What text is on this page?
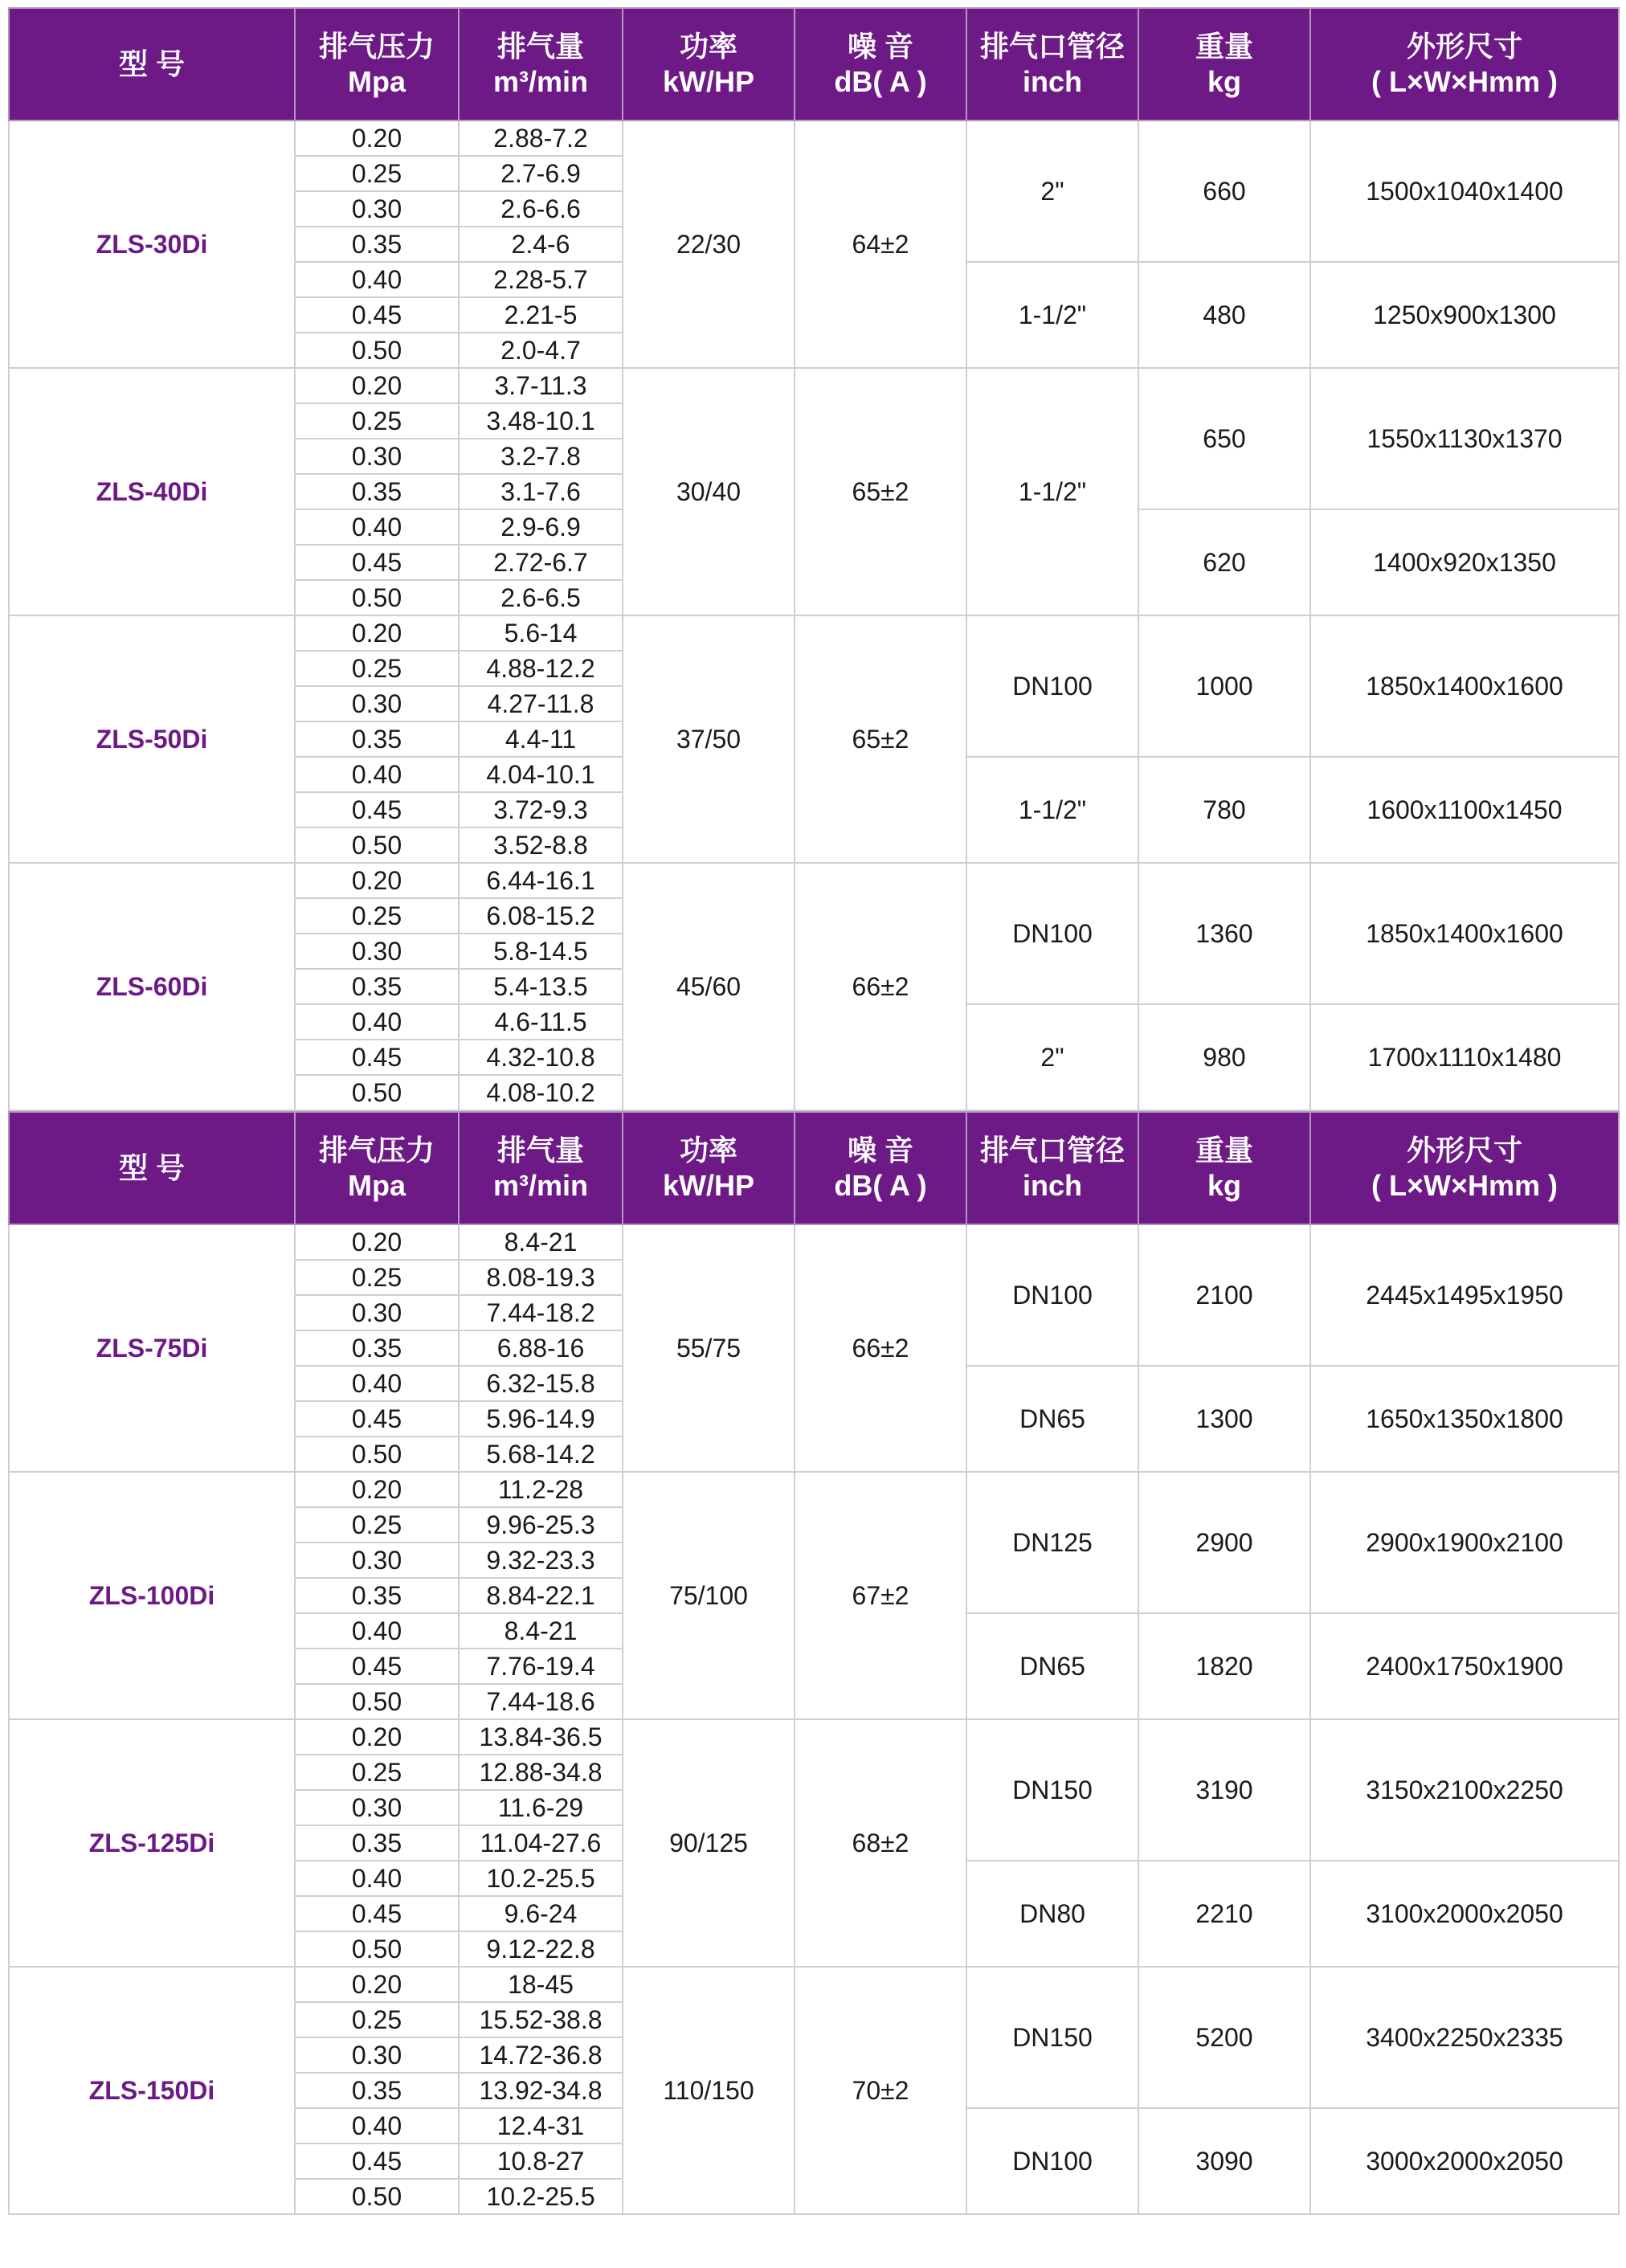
型 号	排气压力
Mpa	排气量
m³/min	功率
kW/HP	噪 音
dB( A )	排气口管径
inch	重量
kg	外形尺寸
( L×W×Hmm )

ZLS-30Di	0.20	2.88-7.2	22/30	64±2	2"	660	1500x1040x1400
	0.25	2.7-6.9					
	0.30	2.6-6.6					
	0.35	2.4-6					
	0.40	2.28-5.7			1-1/2"	480	1250x900x1300
	0.45	2.21-5					
	0.50	2.0-4.7					
ZLS-40Di	0.20	3.7-11.3	30/40	65±2	1-1/2"	650	1550x1130x1370
	0.25	3.48-10.1					
	0.30	3.2-7.8					
	0.35	3.1-7.6					
	0.40	2.9-6.9				620	1400x920x1350
	0.45	2.72-6.7					
	0.50	2.6-6.5					
ZLS-50Di	0.20	5.6-14	37/50	65±2	DN100	1000	1850x1400x1600
	0.25	4.88-12.2					
	0.30	4.27-11.8					
	0.35	4.4-11					
	0.40	4.04-10.1			1-1/2"	780	1600x1100x1450
	0.45	3.72-9.3					
	0.50	3.52-8.8					
ZLS-60Di	0.20	6.44-16.1	45/60	66±2	DN100	1360	1850x1400x1600
	0.25	6.08-15.2					
	0.30	5.8-14.5					
	0.35	5.4-13.5					
	0.40	4.6-11.5			2"	980	1700x1110x1480
	0.45	4.32-10.8					
	0.50	4.08-10.2					
型 号	排气压力
Mpa	排气量
m³/min	功率
kW/HP	噪 音
dB( A )	排气口管径
inch	重量
kg	外形尺寸
( L×W×Hmm )

ZLS-75Di	0.20	8.4-21	55/75	66±2	DN100	2100	2445x1495x1950
	0.25	8.08-19.3					
	0.30	7.44-18.2					
	0.35	6.88-16					
	0.40	6.32-15.8			DN65	1300	1650x1350x1800
	0.45	5.96-14.9					
	0.50	5.68-14.2					
ZLS-100Di	0.20	11.2-28	75/100	67±2	DN125	2900	2900x1900x2100
	0.25	9.96-25.3					
	0.30	9.32-23.3					
	0.35	8.84-22.1					
	0.40	8.4-21			DN65	1820	2400x1750x1900
	0.45	7.76-19.4					
	0.50	7.44-18.6					
ZLS-125Di	0.20	13.84-36.5	90/125	68±2	DN150	3190	3150x2100x2250
	0.25	12.88-34.8					
	0.30	11.6-29					
	0.35	11.04-27.6					
	0.40	10.2-25.5			DN80	2210	3100x2000x2050
	0.45	9.6-24					
	0.50	9.12-22.8					
ZLS-150Di	0.20	18-45	110/150	70±2	DN150	5200	3400x2250x2335
	0.25	15.52-38.8					
	0.30	14.72-36.8					
	0.35	13.92-34.8					
	0.40	12.4-31			DN100	3090	3000x2000x2050
	0.45	10.8-27					
	0.50	10.2-25.5					
